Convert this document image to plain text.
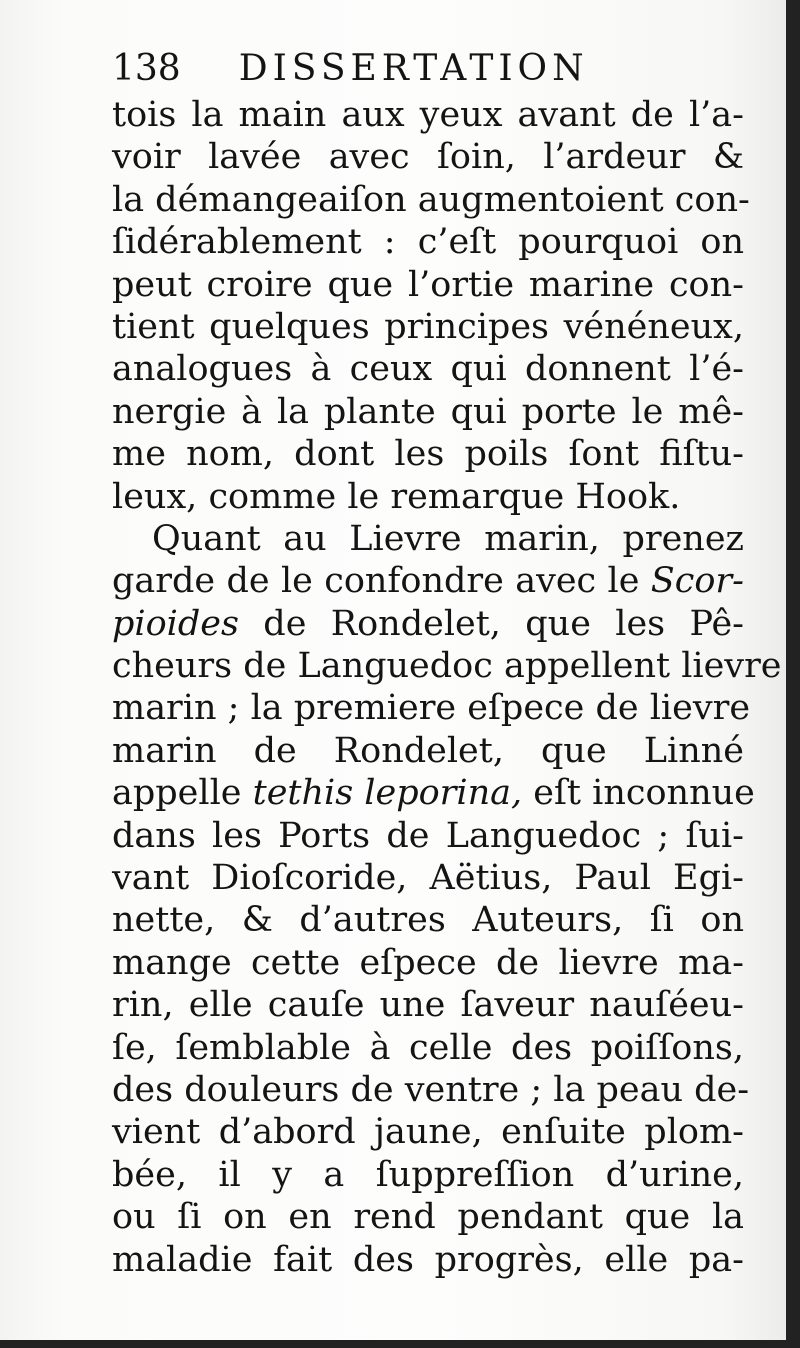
138 DISSERTATION
tois la main aux yeux avant de l’a-
voir lavée avec ſoin, l’ardeur &
la démangeaiſon augmentoient con-
ſidérablement : c’eſt pourquoi on
peut croire que l’ortie marine con-
tient quelques principes vénéneux,
analogues à ceux qui donnent l’é-
nergie à la plante qui porte le mê-
me nom, dont les poils ſont fiſtu-
leux, comme le remarque Hook.
Quant au Lievre marin, prenez
garde de le confondre avec le Scor-
pioides de Rondelet, que les Pê-
cheurs de Languedoc appellent lievre
marin ; la premiere eſpece de lievre
marin de Rondelet, que Linné
appelle tethis leporina, eſt inconnue
dans les Ports de Languedoc ; ſui-
vant Dioſcoride, Aëtius, Paul Egi-
nette, & d’autres Auteurs, ſi on
mange cette eſpece de lievre ma-
rin, elle cauſe une ſaveur nauſéeu-
ſe, ſemblable à celle des poiſſons,
des douleurs de ventre ; la peau de-
vient d’abord jaune, enſuite plom-
bée, il y a ſuppreſſion d’urine,
ou ſi on en rend pendant que la
maladie fait des progrès, elle pa-
